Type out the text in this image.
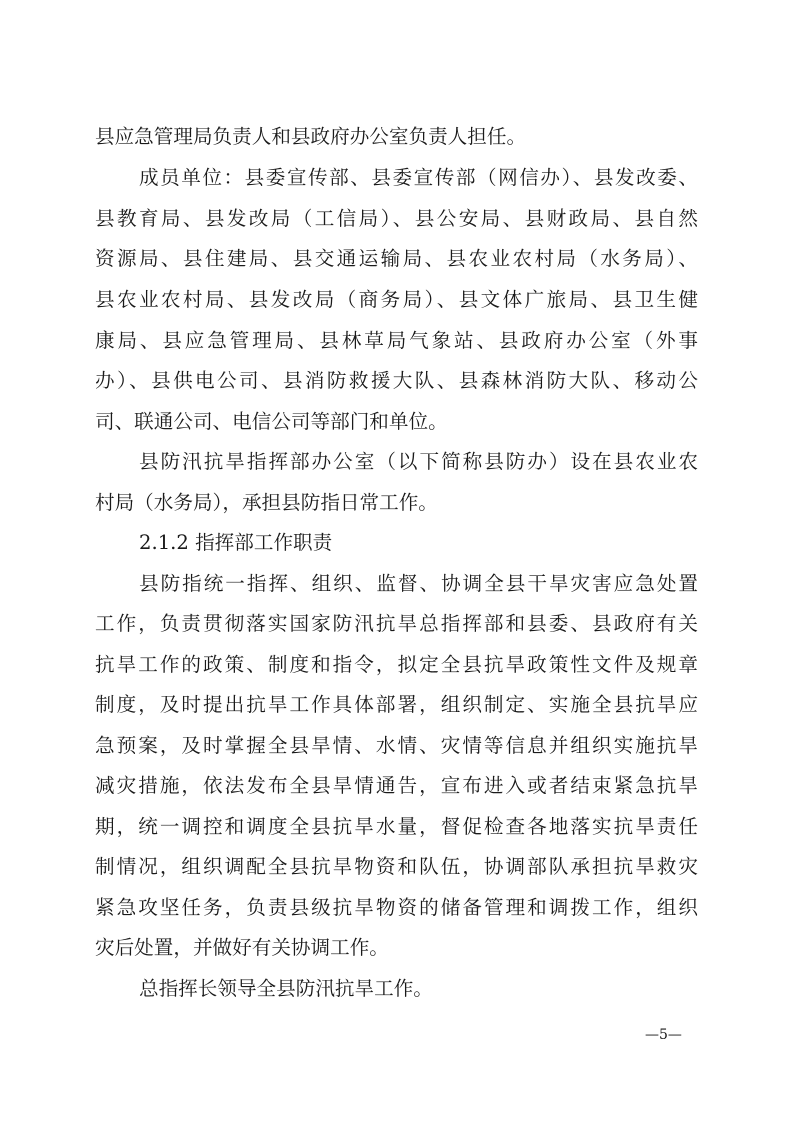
县应急管理局负责人和县政府办公室负责人担任。
成员单位：县委宣传部、县委宣传部（网信办）、县发改委、
县教育局、县发改局（工信局）、县公安局、县财政局、县自然
资源局、县住建局、县交通运输局、县农业农村局（水务局）、
县农业农村局、县发改局（商务局）、县文体广旅局、县卫生健
康局、县应急管理局、县林草局气象站、县政府办公室（外事
办）、县供电公司、县消防救援大队、县森林消防大队、移动公
司、联通公司、电信公司等部门和单位。
县防汛抗旱指挥部办公室（以下简称县防办）设在县农业农
村局（水务局），承担县防指日常工作。
2.1.2 指挥部工作职责
县防指统一指挥、组织、监督、协调全县干旱灾害应急处置
工作，负责贯彻落实国家防汛抗旱总指挥部和县委、县政府有关
抗旱工作的政策、制度和指令，拟定全县抗旱政策性文件及规章
制度，及时提出抗旱工作具体部署，组织制定、实施全县抗旱应
急预案，及时掌握全县旱情、水情、灾情等信息并组织实施抗旱
减灾措施，依法发布全县旱情通告，宣布进入或者结束紧急抗旱
期，统一调控和调度全县抗旱水量，督促检查各地落实抗旱责任
制情况，组织调配全县抗旱物资和队伍，协调部队承担抗旱救灾
紧急攻坚任务，负责县级抗旱物资的储备管理和调拨工作，组织
灾后处置，并做好有关协调工作。
总指挥长领导全县防汛抗旱工作。
—5—
